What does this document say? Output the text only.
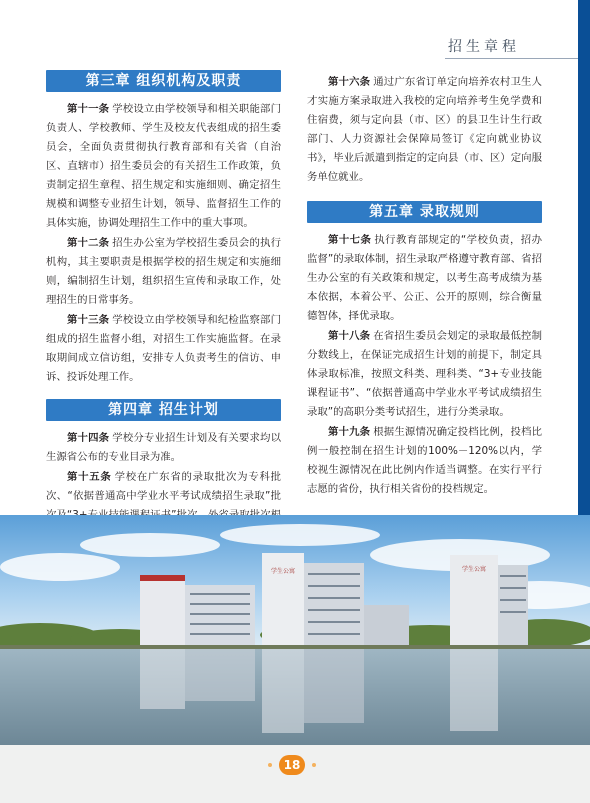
招生章程
第三章 组织机构及职责

第十一条 学校设立由学校领导和相关职能部门负责人、学校教师、学生及校友代表组成的招生委员会，全面负责贯彻执行教育部和有关省（自治区、直辖市）招生委员会的有关招生工作政策，负责制定招生章程、招生规定和实施细则、确定招生规模和调整专业招生计划，领导、监督招生工作的具体实施，协调处理招生工作中的重大事项。

第十二条 招生办公室为学校招生委员会的执行机构，其主要职责是根据学校的招生规定和实施细则，编制招生计划，组织招生宣传和录取工作，处理招生的日常事务。

第十三条 学校设立由学校领导和纪检监察部门组成的招生监督小组，对招生工作实施监督。在录取期间成立信访组，安排专人负责考生的信访、申诉、投诉处理工作。

第四章 招生计划

第十四条 学校分专业招生计划及有关要求均以生源省公布的专业目录为准。

第十五条 学校在广东省的录取批次为专科批次、“依据普通高中学业水平考试成绩招生录取”批

第十六条 通过广东省订单定向培养农村卫生人才实施方案录取进入我校的定向培养考生免学费和住宿费，须与定向县（市、区）的县卫生计生行政部门、人力资源社会保障局签订《定向就业协议书》，毕业后派遣到指定的定向县（市、区）定向服务单位就业。

第五章 录取规则

第十七条 执行教育部规定的“学校负责，招办监督”的录取体制，招生录取严格遵守教育部、省招生办公室的有关政策和规定，以考生高考成绩为基本依据，本着公平、公正、公开的原则，综合衡量德智体，择优录取。

第十八条 在省招生委员会划定的录取最低控制分数线上，在保证完成招生计划的前提下，制定具体录取标准，按照文科类、理科类、“3+专业技能课程证书”、“依据普通高中学业水平考试成绩招生录取”的高职分类考试招生，进行分类录取。

第十九条 根据生源情况确定投档比例，投档比例一般控制在招生计划的100%－120%以内，学校视生源情况在此比例内作适当调整。在实行平行志愿的省份，执行相关省份的投档规定。

学生公寓	学生公寓
18
